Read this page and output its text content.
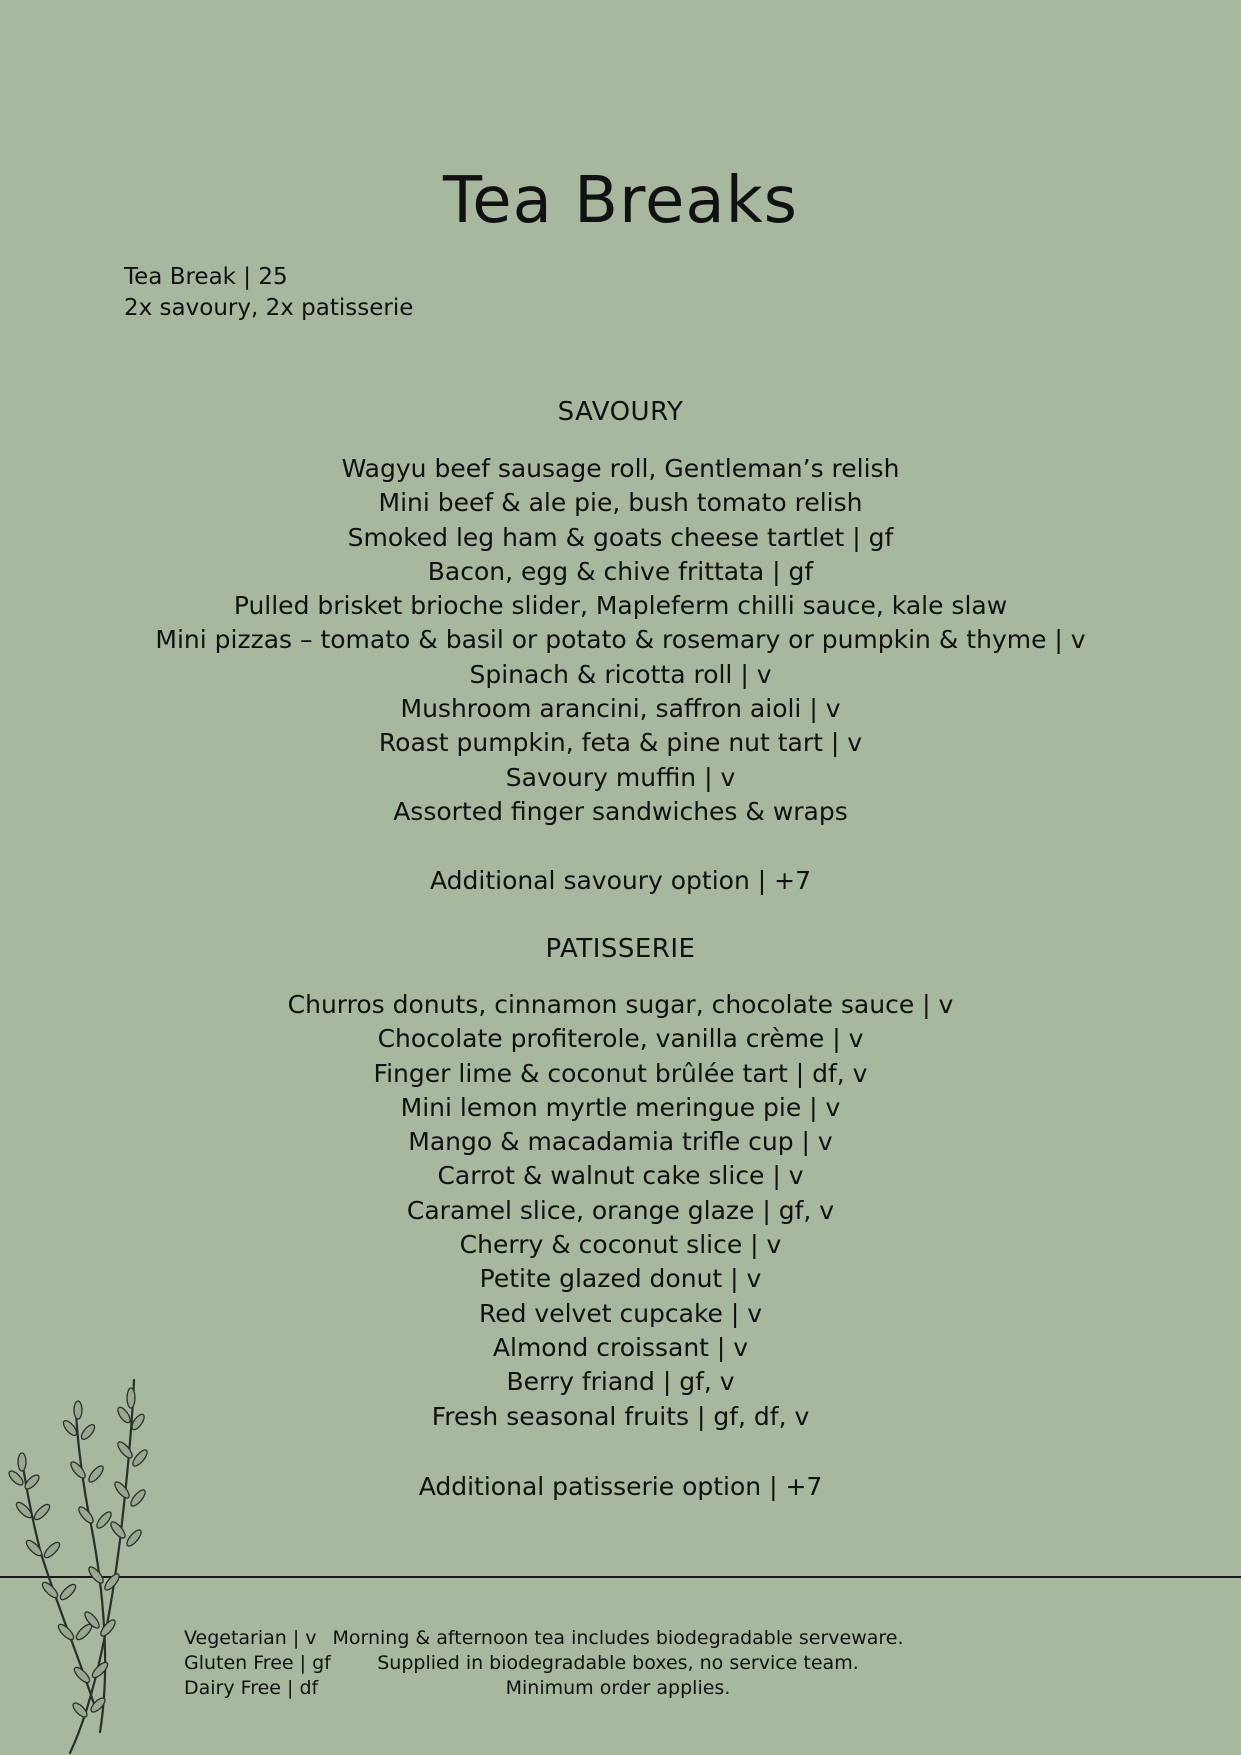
Tea Breaks
Tea Break | 25
2x savoury, 2x patisserie
SAVOURY
Wagyu beef sausage roll, Gentleman’s relish
Mini beef & ale pie, bush tomato relish
Smoked leg ham & goats cheese tartlet | gf
Bacon, egg & chive frittata | gf
Pulled brisket brioche slider, Mapleferm chilli sauce, kale slaw
Mini pizzas – tomato & basil or potato & rosemary or pumpkin & thyme | v
Spinach & ricotta roll | v
Mushroom arancini, saffron aioli | v
Roast pumpkin, feta & pine nut tart | v
Savoury muffin | v
Assorted finger sandwiches & wraps
Additional savoury option | +7
PATISSERIE
Churros donuts, cinnamon sugar, chocolate sauce | v
Chocolate profiterole, vanilla crème | v
Finger lime & coconut brûlée tart | df, v
Mini lemon myrtle meringue pie | v
Mango & macadamia trifle cup | v
Carrot & walnut cake slice | v
Caramel slice, orange glaze | gf, v
Cherry & coconut slice | v
Petite glazed donut | v
Red velvet cupcake | v
Almond croissant | v
Berry friand | gf, v
Fresh seasonal fruits | gf, df, v
Additional patisserie option | +7
Vegetarian | v
Gluten Free | gf
Dairy Free | df
Morning & afternoon tea includes biodegradable serveware.
Supplied in biodegradable boxes, no service team.
Minimum order applies.
